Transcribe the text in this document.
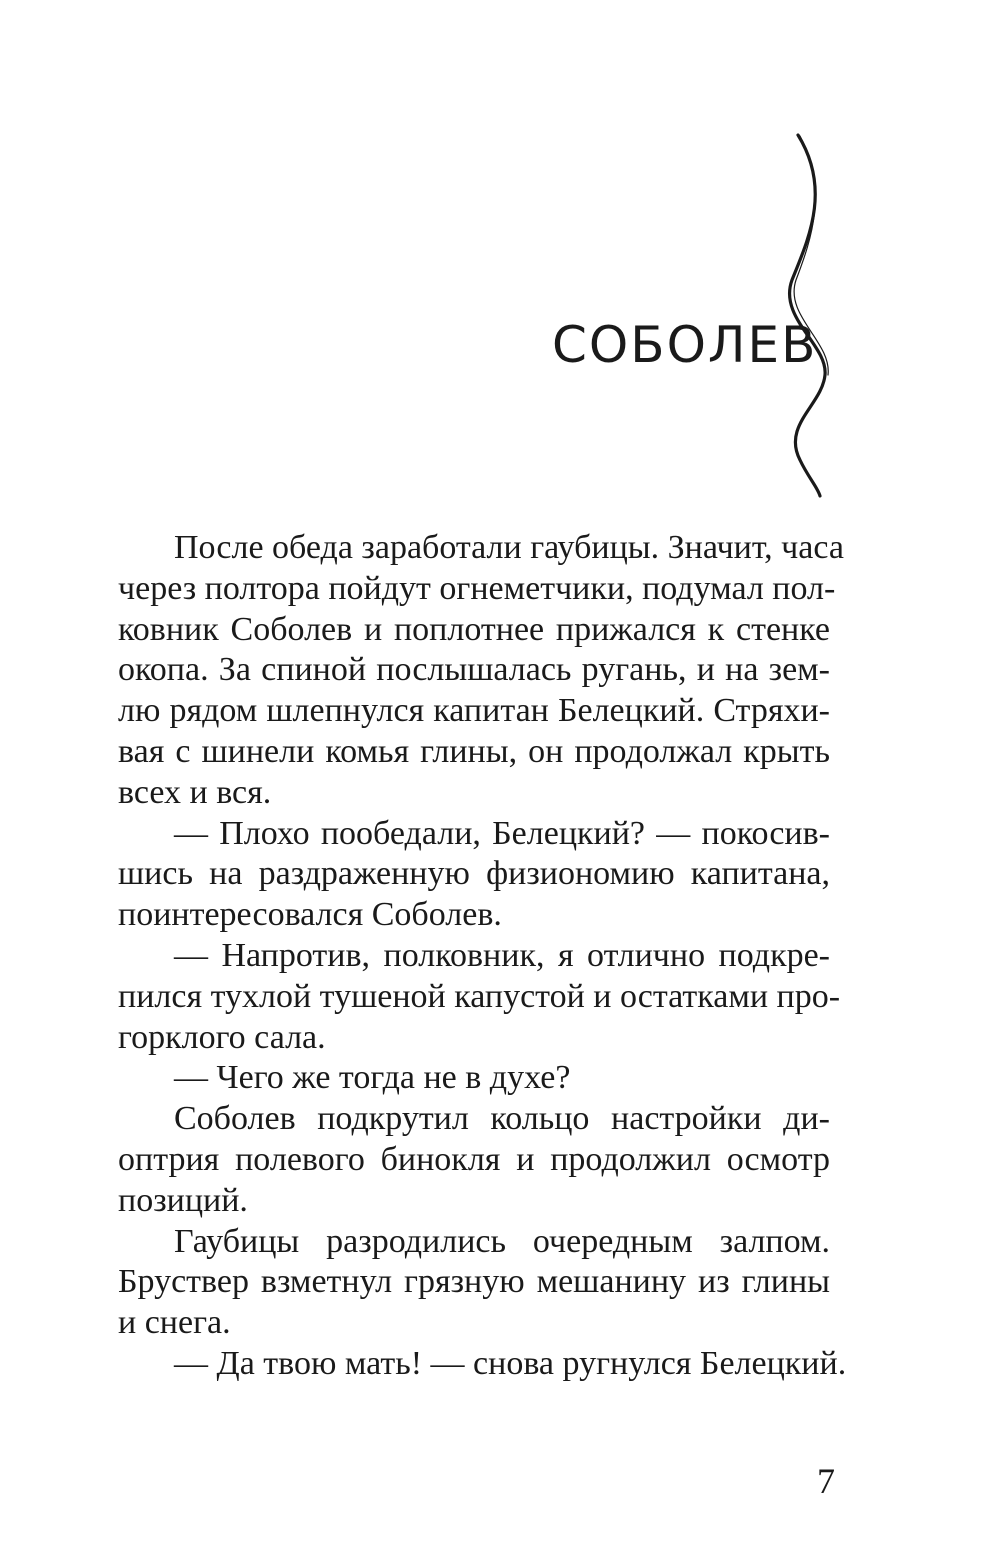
СОБОЛЕВ

После обеда заработали гаубицы. Значит, часа
через полтора пойдут огнеметчики, подумал пол-
ковник Соболев и поплотнее прижался к стенке
окопа. За спиной послышалась ругань, и на зем-
лю рядом шлепнулся капитан Белецкий. Стряхи-
вая с шинели комья глины, он продолжал крыть
всех и вся.

— Плохо пообедали, Белецкий? — покосив-
шись на раздраженную физиономию капитана,
поинтересовался Соболев.

— Напротив, полковник, я отлично подкре-
пился тухлой тушеной капустой и остатками про-
горклого сала.

— Чего же тогда не в духе?

Соболев подкрутил кольцо настройки ди-
оптрия полевого бинокля и продолжил осмотр
позиций.

Гаубицы разродились очередным залпом.
Бруствер взметнул грязную мешанину из глины
и снега.

— Да твою мать! — снова ругнулся Белецкий.

7
